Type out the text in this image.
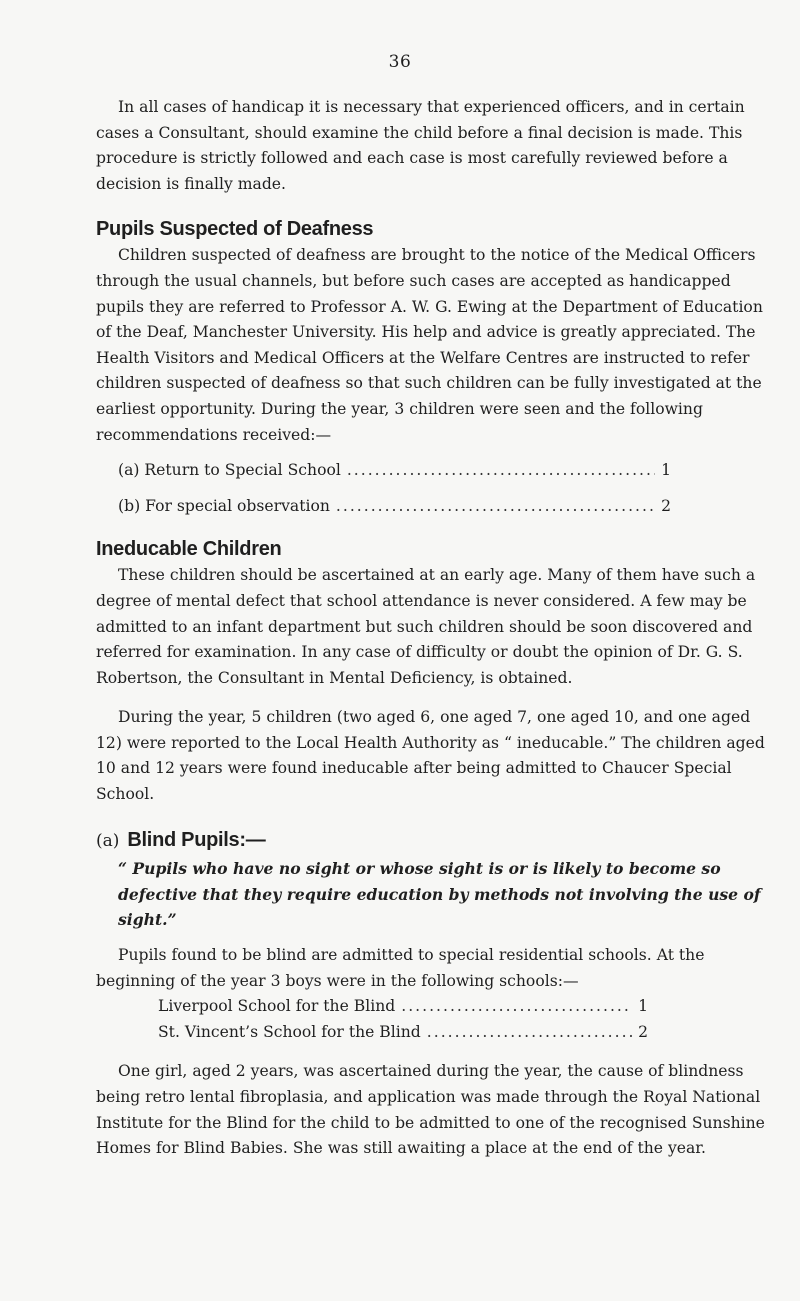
36

In all cases of handicap it is necessary that experienced officers, and in certain cases a Consultant, should examine the child before a final decision is made. This procedure is strictly followed and each case is most carefully reviewed before a decision is finally made.

Pupils Suspected of Deafness

Children suspected of deafness are brought to the notice of the Medical Officers through the usual channels, but before such cases are accepted as handicapped pupils they are referred to Professor A. W. G. Ewing at the Department of Education of the Deaf, Manchester University. His help and advice is greatly appreciated. The Health Visitors and Medical Officers at the Welfare Centres are instructed to refer children suspected of deafness so that such children can be fully investigated at the earliest opportunity. During the year, 3 children were seen and the following recommendations received:—

(a) Return to Special School .....	1
(b) For special observation .....	2
Ineducable Children

These children should be ascertained at an early age. Many of them have such a degree of mental defect that school attendance is never considered. A few may be admitted to an infant department but such children should be soon discovered and referred for examination. In any case of difficulty or doubt the opinion of Dr. G. S. Robertson, the Consultant in Mental Deficiency, is obtained.

During the year, 5 children (two aged 6, one aged 7, one aged 10, and one aged 12) were reported to the Local Health Authority as “ ineducable.” The children aged 10 and 12 years were found ineducable after being admitted to Chaucer Special School.

(a) Blind Pupils:—

“ Pupils who have no sight or whose sight is or is likely to become so defective that they require education by methods not involving the use of sight.”

Pupils found to be blind are admitted to special residential schools. At the beginning of the year 3 boys were in the following schools:—

Liverpool School for the Blind .....	1
St. Vincent’s School for the Blind .....	2

One girl, aged 2 years, was ascertained during the year, the cause of blindness being retro lental fibroplasia, and application was made through the Royal National Institute for the Blind for the child to be admitted to one of the recognised Sunshine Homes for Blind Babies. She was still awaiting a place at the end of the year.
